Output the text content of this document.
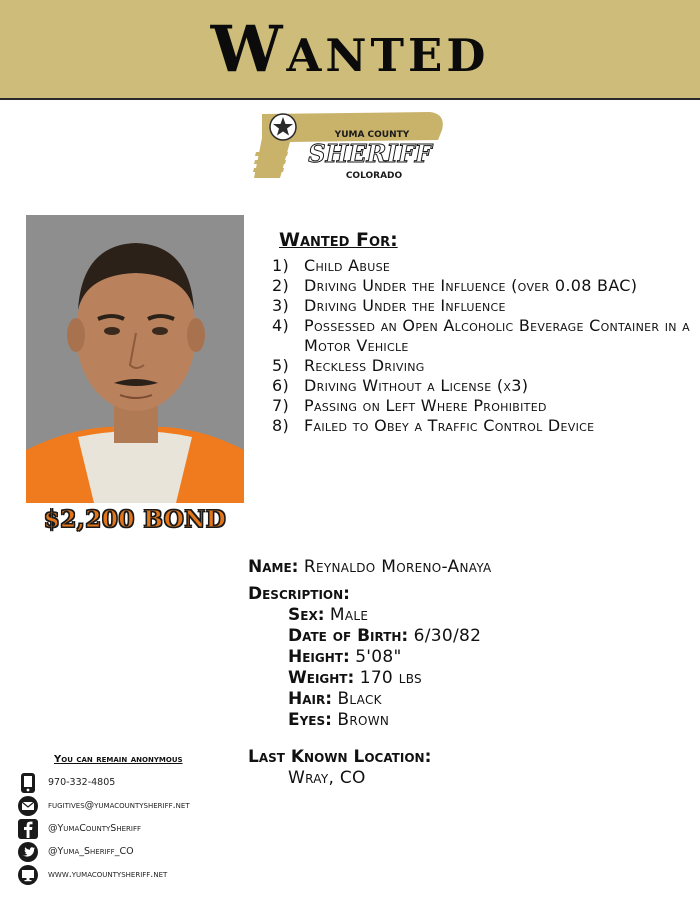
Wanted
YUMA COUNTY
SHERIFF
COLORADO
$2,200 BOND
Wanted For:
1) Child Abuse
2) Driving Under the Influence (over 0.08 BAC)
3) Driving Under the Influence
4) Possessed an Open Alcoholic Beverage Container in a Motor Vehicle
5) Reckless Driving
6) Driving Without a License (x3)
7) Passing on Left Where Prohibited
8) Failed to Obey a Traffic Control Device
Name: Reynaldo Moreno-Anaya
Description:
Sex: Male
Date of Birth: 6/30/82
Height: 5'08"
Weight: 170 lbs
Hair: Black
Eyes: Brown
Last Known Location:
Wray, CO
You can remain anonymous
970-332-4805
fugitives@yumacountysheriff.net
@YumaCountySheriff
@Yuma_Sheriff_CO
www.yumacountysheriff.net
